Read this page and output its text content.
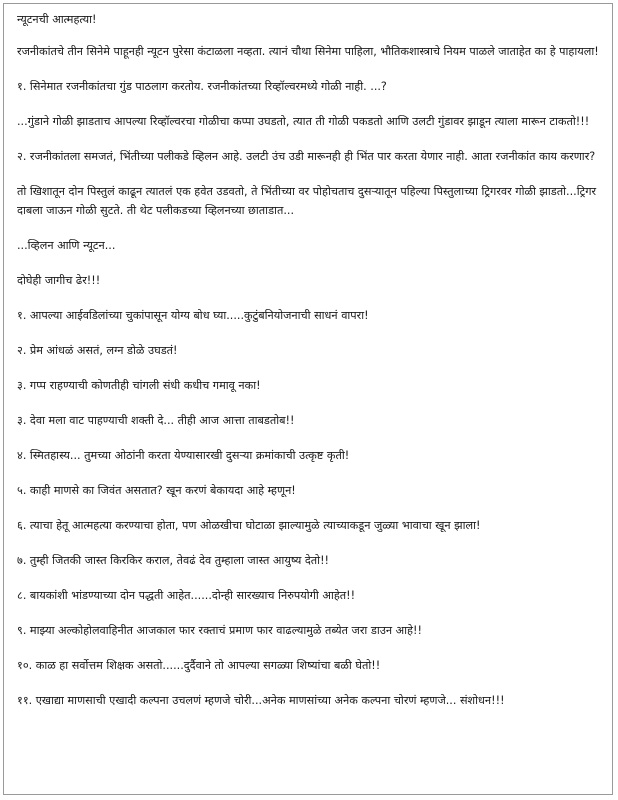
न्यूटनची आत्महत्या!

रजनीकांतचे तीन सिनेमे पाहूनही न्यूटन पुरेसा कंटाळला नव्हता. त्यानं चौथा सिनेमा पाहिला, भौतिकशास्त्राचे नियम पाळले जाताहेत का हे पाहायला!

१. सिनेमात रजनीकांतचा गुंड पाठलाग करतोय. रजनीकांतच्या रिव्हॉल्वरमध्ये गोळी नाही. ...?

...गुंडाने गोळी झाडताच आपल्या रिव्हॉल्वरचा गोळीचा कप्पा उघडतो, त्यात ती गोळी पकडतो आणि उलटी गुंडावर झाडून त्याला मारून टाकतो!!!

२. रजनीकांतला समजतं, भिंतीच्या पलीकडे व्हिलन आहे. उलटी उंच उडी मारूनही ही भिंत पार करता येणार नाही. आता रजनीकांत काय करणार?

तो खिशातून दोन पिस्तुलं काढून त्यातलं एक हवेत उडवतो, ते भिंतीच्या वर पोहोचताच दुसऱ्यातून पहिल्या पिस्तुलाच्या ट्रिगरवर गोळी झाडतो...ट्रिगर दाबला जाऊन गोळी सुटते. ती थेट पलीकडच्या व्हिलनच्या छाताडात...

...व्हिलन आणि न्यूटन...

दोघेही जागीच ढेर!!!

१. आपल्या आईवडिलांच्या चुकांपासून योग्य बोध घ्या.....कुटुंबनियोजनाची साधनं वापरा!

२. प्रेम आंधळं असतं, लग्न डोळे उघडतं!

३. गप्प राहण्याची कोणतीही चांगली संधी कधीच गमावू नका!

३. देवा मला वाट पाहण्याची शक्ती दे... तीही आज आत्ता ताबडतोब!!

४. स्मितहास्य... तुमच्या ओठांनी करता येण्यासारखी दुसऱ्या क्रमांकाची उत्कृष्ट कृती!

५. काही माणसे का जिवंत असतात? खून करणं बेकायदा आहे म्हणून!

६. त्याचा हेतू आत्महत्या करण्याचा होता, पण ओळखीचा घोटाळा झाल्यामुळे त्याच्याकडून जुळ्या भावाचा खून झाला!

७. तुम्ही जितकी जास्त किरकिर कराल, तेवढं देव तुम्हाला जास्त आयुष्य देतो!!

८. बायकांशी भांडण्याच्या दोन पद्धती आहेत......दोन्ही सारख्याच निरुपयोगी आहेत!!

९. माझ्या अल्कोहोलवाहिनीत आजकाल फार रक्ताचं प्रमाण फार वाढल्यामुळे तब्येत जरा डाउन आहे!!

१०. काळ हा सर्वोत्तम शिक्षक असतो......दुर्दैवाने तो आपल्या सगळ्या शिष्यांचा बळी घेतो!!

११. एखाद्या माणसाची एखादी कल्पना उचलणं म्हणजे चोरी...अनेक माणसांच्या अनेक कल्पना चोरणं म्हणजे... संशोधन!!!
